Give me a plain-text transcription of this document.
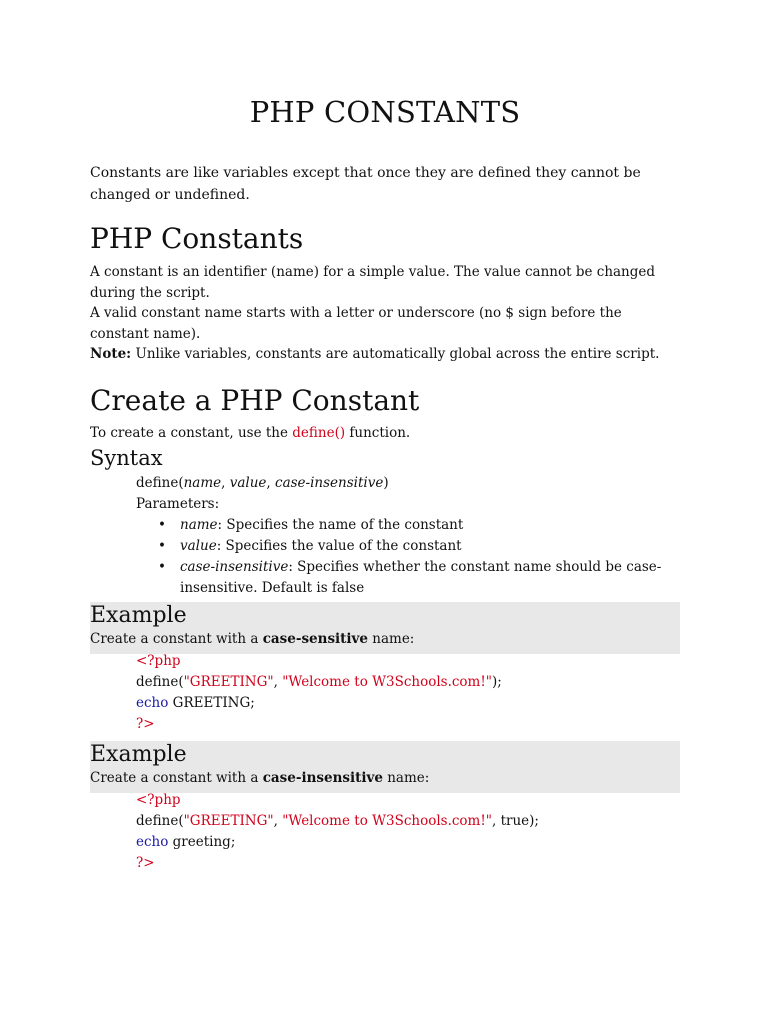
PHP CONSTANTS

Constants are like variables except that once they are defined they cannot be changed or undefined.

PHP Constants

A constant is an identifier (name) for a simple value. The value cannot be changed during the script.

A valid constant name starts with a letter or underscore (no $ sign before the constant name).

Note: Unlike variables, constants are automatically global across the entire script.

Create a PHP Constant

To create a constant, use the define() function.

Syntax

define(name, value, case-insensitive)

Parameters:

• name: Specifies the name of the constant
• value: Specifies the value of the constant
• case-insensitive: Specifies whether the constant name should be case-insensitive. Default is false
Example

Create a constant with a case-sensitive name:

<?php

define("GREETING", "Welcome to W3Schools.com!");

echo GREETING;

?>

Example

Create a constant with a case-insensitive name:

<?php

define("GREETING", "Welcome to W3Schools.com!", true);

echo greeting;

?>
